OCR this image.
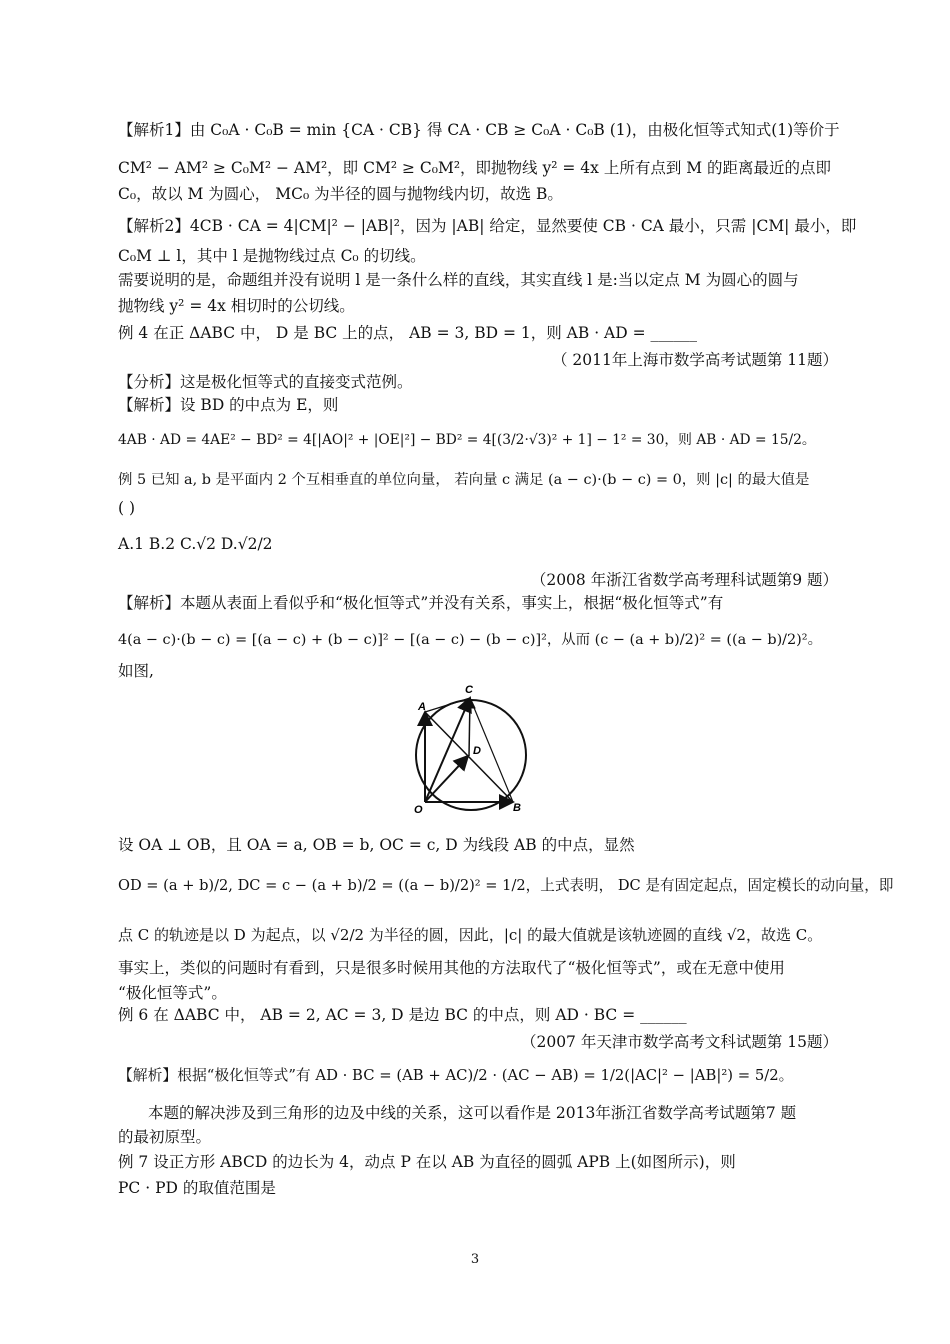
【解析1】由 C₀A · C₀B = min {CA · CB} 得 CA · CB ≥ C₀A · C₀B (1)，由极化恒等式知式(1)等价于
CM² − AM² ≥ C₀M² − AM²，即 CM² ≥ C₀M²，即抛物线 y² = 4x 上所有点到 M 的距离最近的点即
C₀，故以 M 为圆心， MC₀ 为半径的圆与抛物线内切，故选 B。
【解析2】4CB · CA = 4|CM|² − |AB|²，因为 |AB| 给定，显然要使 CB · CA 最小，只需 |CM| 最小，即
C₀M ⊥ l，其中 l 是抛物线过点 C₀ 的切线。
需要说明的是，命题组并没有说明 l 是一条什么样的直线，其实直线 l 是:当以定点 M 为圆心的圆与
抛物线 y² = 4x 相切时的公切线。
例 4 在正 ΔABC 中， D 是 BC 上的点， AB = 3, BD = 1，则 AB · AD = ______
（ 2011年上海市数学高考试题第 11题）
【分析】这是极化恒等式的直接变式范例。
【解析】设 BD 的中点为 E，则
4AB · AD = 4AE² − BD² = 4[|AO|² + |OE|²] − BD² = 4[(3/2·√3)² + 1] − 1² = 30，则 AB · AD = 15/2。
例 5 已知 a, b 是平面内 2 个互相垂直的单位向量， 若向量 c 满足 (a − c)·(b − c) = 0，则 |c| 的最大值是
( )
A.1 B.2 C.√2 D.√2/2
（2008 年浙江省数学高考理科试题第9 题）
【解析】本题从表面上看似乎和“极化恒等式”并没有关系，事实上，根据“极化恒等式”有
4(a − c)·(b − c) = [(a − c) + (b − c)]² − [(a − c) − (b − c)]²，从而 (c − (a + b)/2)² = ((a − b)/2)²。
如图,
A
C
D
O	B
设 OA ⊥ OB，且 OA = a, OB = b, OC = c, D 为线段 AB 的中点，显然
OD = (a + b)/2, DC = c − (a + b)/2 = ((a − b)/2)² = 1/2，上式表明， DC 是有固定起点，固定模长的动向量，即
点 C 的轨迹是以 D 为起点，以 √2/2 为半径的圆，因此，|c| 的最大值就是该轨迹圆的直线 √2，故选 C。
事实上，类似的问题时有看到，只是很多时候用其他的方法取代了“极化恒等式”，或在无意中使用
“极化恒等式”。
例 6 在 ΔABC 中， AB = 2, AC = 3, D 是边 BC 的中点，则 AD · BC = ______
（2007 年天津市数学高考文科试题第 15题）
【解析】根据“极化恒等式”有 AD · BC = (AB + AC)/2 · (AC − AB) = 1/2(|AC|² − |AB|²) = 5/2。
本题的解决涉及到三角形的边及中线的关系，这可以看作是 2013年浙江省数学高考试题第7 题
的最初原型。
例 7 设正方形 ABCD 的边长为 4，动点 P 在以 AB 为直径的圆弧 APB 上(如图所示)，则
PC · PD 的取值范围是
3
